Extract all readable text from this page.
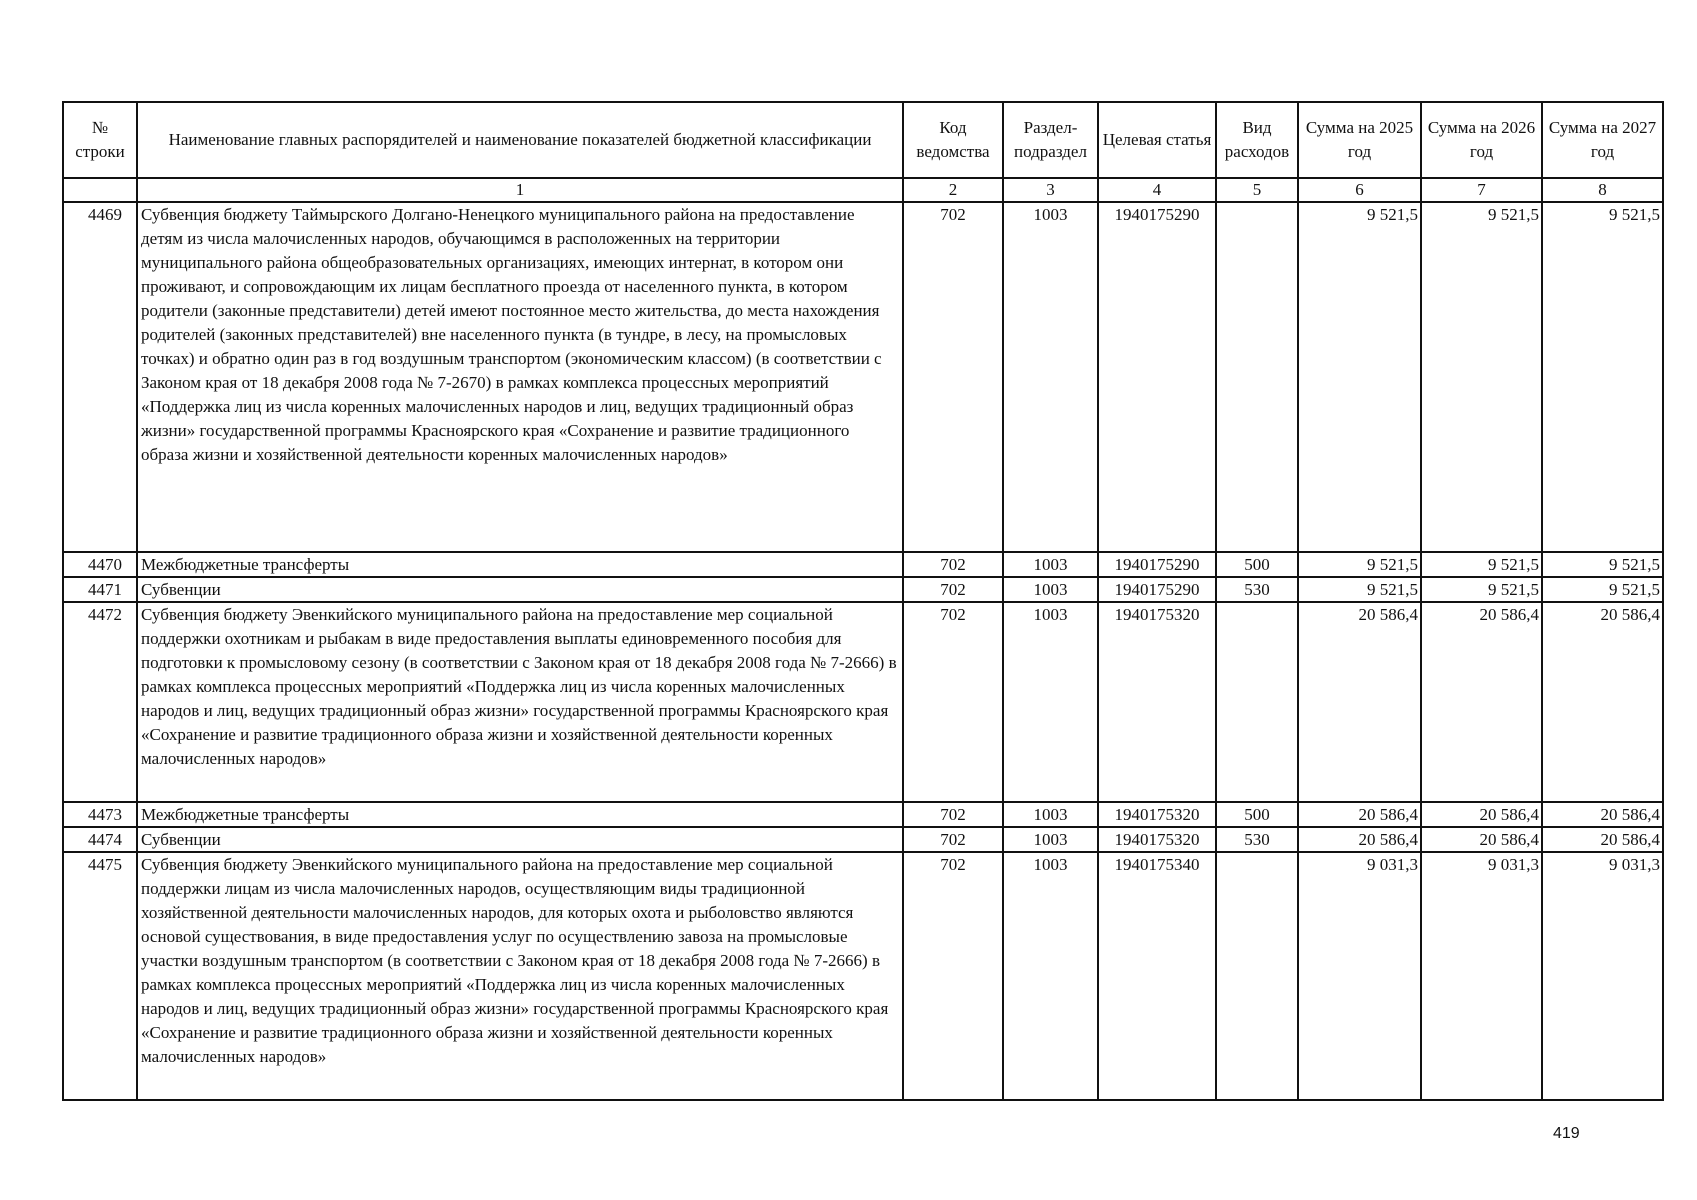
№ строки	Наименование главных распорядителей и наименование показателей бюджетной классификации	Код ведомства	Раздел-подраздел	Целевая статья	Вид расходов	Сумма на 2025 год	Сумма на 2026 год	Сумма на 2027 год
	1	2	3	4	5	6	7	8
4469	Субвенция бюджету Таймырского Долгано-Ненецкого муниципального района на предоставление детям из числа малочисленных народов, обучающимся в расположенных на территории муниципального района общеобразовательных организациях, имеющих интернат, в котором они проживают, и сопровождающим их лицам бесплатного проезда от населенного пункта, в котором родители (законные представители) детей имеют постоянное место жительства, до места нахождения родителей (законных представителей) вне населенного пункта (в тундре, в лесу, на промысловых точках) и обратно один раз в год воздушным транспортом (экономическим классом) (в соответствии с Законом края от 18 декабря 2008 года № 7-2670) в рамках комплекса процессных мероприятий «Поддержка лиц из числа коренных малочисленных народов и лиц, ведущих традиционный образ жизни» государственной программы Красноярского края «Сохранение и развитие традиционного образа жизни и хозяйственной деятельности коренных малочисленных народов»	702	1003	1940175290		9 521,5	9 521,5	9 521,5
4470	Межбюджетные трансферты	702	1003	1940175290	500	9 521,5	9 521,5	9 521,5
4471	Субвенции	702	1003	1940175290	530	9 521,5	9 521,5	9 521,5
4472	Субвенция бюджету Эвенкийского муниципального района на предоставление мер социальной поддержки охотникам и рыбакам в виде предоставления выплаты единовременного пособия для подготовки к промысловому сезону (в соответствии с Законом края от 18 декабря 2008 года № 7-2666) в рамках комплекса процессных мероприятий «Поддержка лиц из числа коренных малочисленных народов и лиц, ведущих традиционный образ жизни» государственной программы Красноярского края «Сохранение и развитие традиционного образа жизни и хозяйственной деятельности коренных малочисленных народов»	702	1003	1940175320		20 586,4	20 586,4	20 586,4
4473	Межбюджетные трансферты	702	1003	1940175320	500	20 586,4	20 586,4	20 586,4
4474	Субвенции	702	1003	1940175320	530	20 586,4	20 586,4	20 586,4
4475	Субвенция бюджету Эвенкийского муниципального района на предоставление мер социальной поддержки лицам из числа малочисленных народов, осуществляющим виды традиционной хозяйственной деятельности малочисленных народов, для которых охота и рыболовство являются основой существования, в виде предоставления услуг по осуществлению завоза на промысловые участки воздушным транспортом (в соответствии с Законом края от 18 декабря 2008 года № 7-2666) в рамках комплекса процессных мероприятий «Поддержка лиц из числа коренных малочисленных народов и лиц, ведущих традиционный образ жизни» государственной программы Красноярского края «Сохранение и развитие традиционного образа жизни и хозяйственной деятельности коренных малочисленных народов»	702	1003	1940175340		9 031,3	9 031,3	9 031,3
419
